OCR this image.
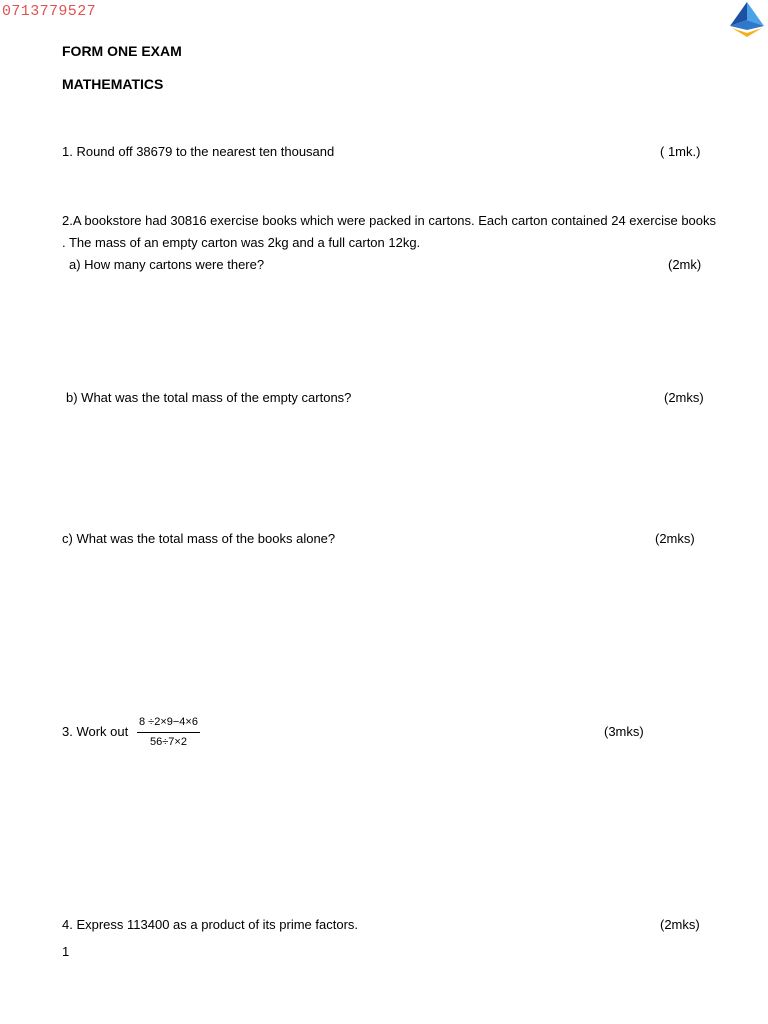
0713779527
FORM ONE EXAM
MATHEMATICS
1. Round off 38679 to the nearest ten thousand	( 1mk.)
2.A bookstore had 30816 exercise books which were packed in cartons. Each carton contained 24 exercise books . The mass of an empty carton was 2kg and a full carton 12kg.
a) How many cartons were there?	(2mk)
b) What was the total mass of the empty cartons?	(2mks)
c) What was the total mass of the books alone?	(2mks)
3. Work out $\frac{8 \div 2\times 9-4\times 6}{56\div 7\times 2}$	(3mks)
4. Express 113400 as a product of its prime factors.	(2mks)
1
